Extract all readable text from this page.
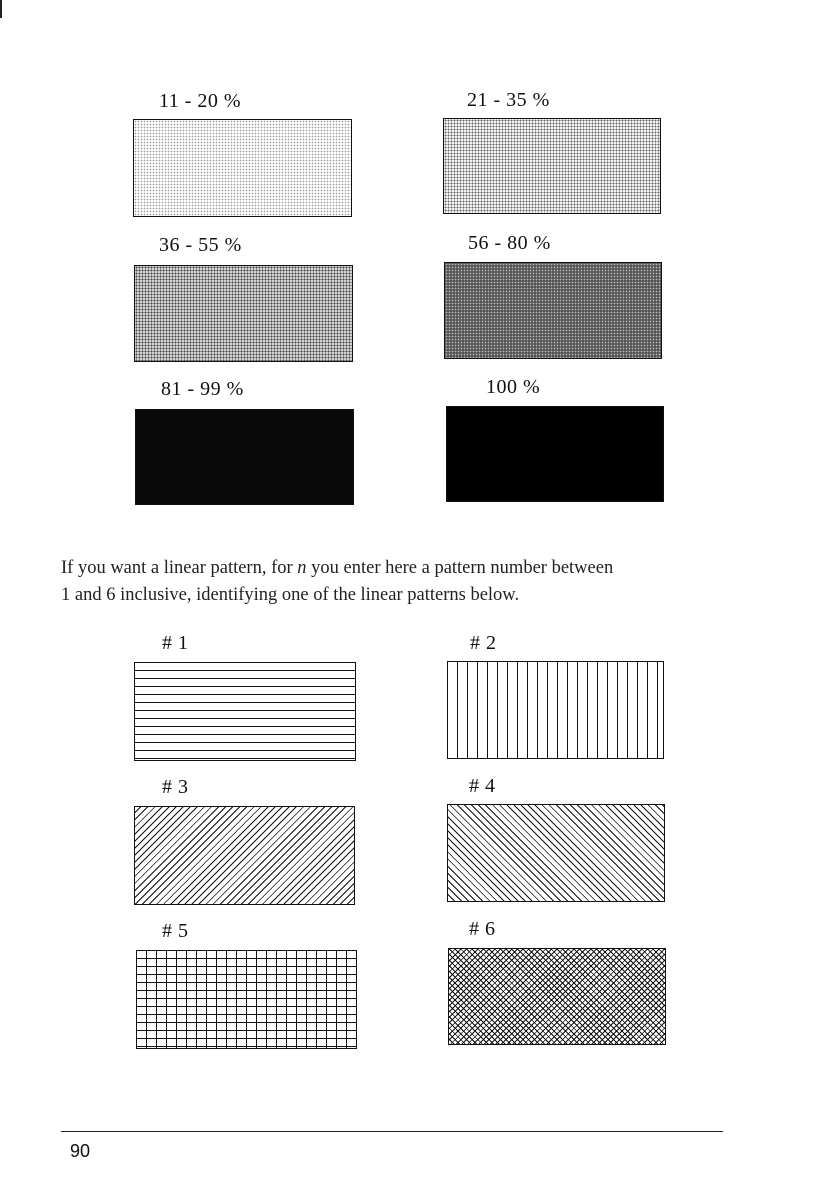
11 - 20 %	21 - 35 %
36 - 55 %	56 - 80 %
81 - 99 %	100 %
If you want a linear pattern, for n you enter here a pattern number between
1 and 6 inclusive, identifying one of the linear patterns below.
# 1	# 2
# 3	# 4
# 5	# 6
90
